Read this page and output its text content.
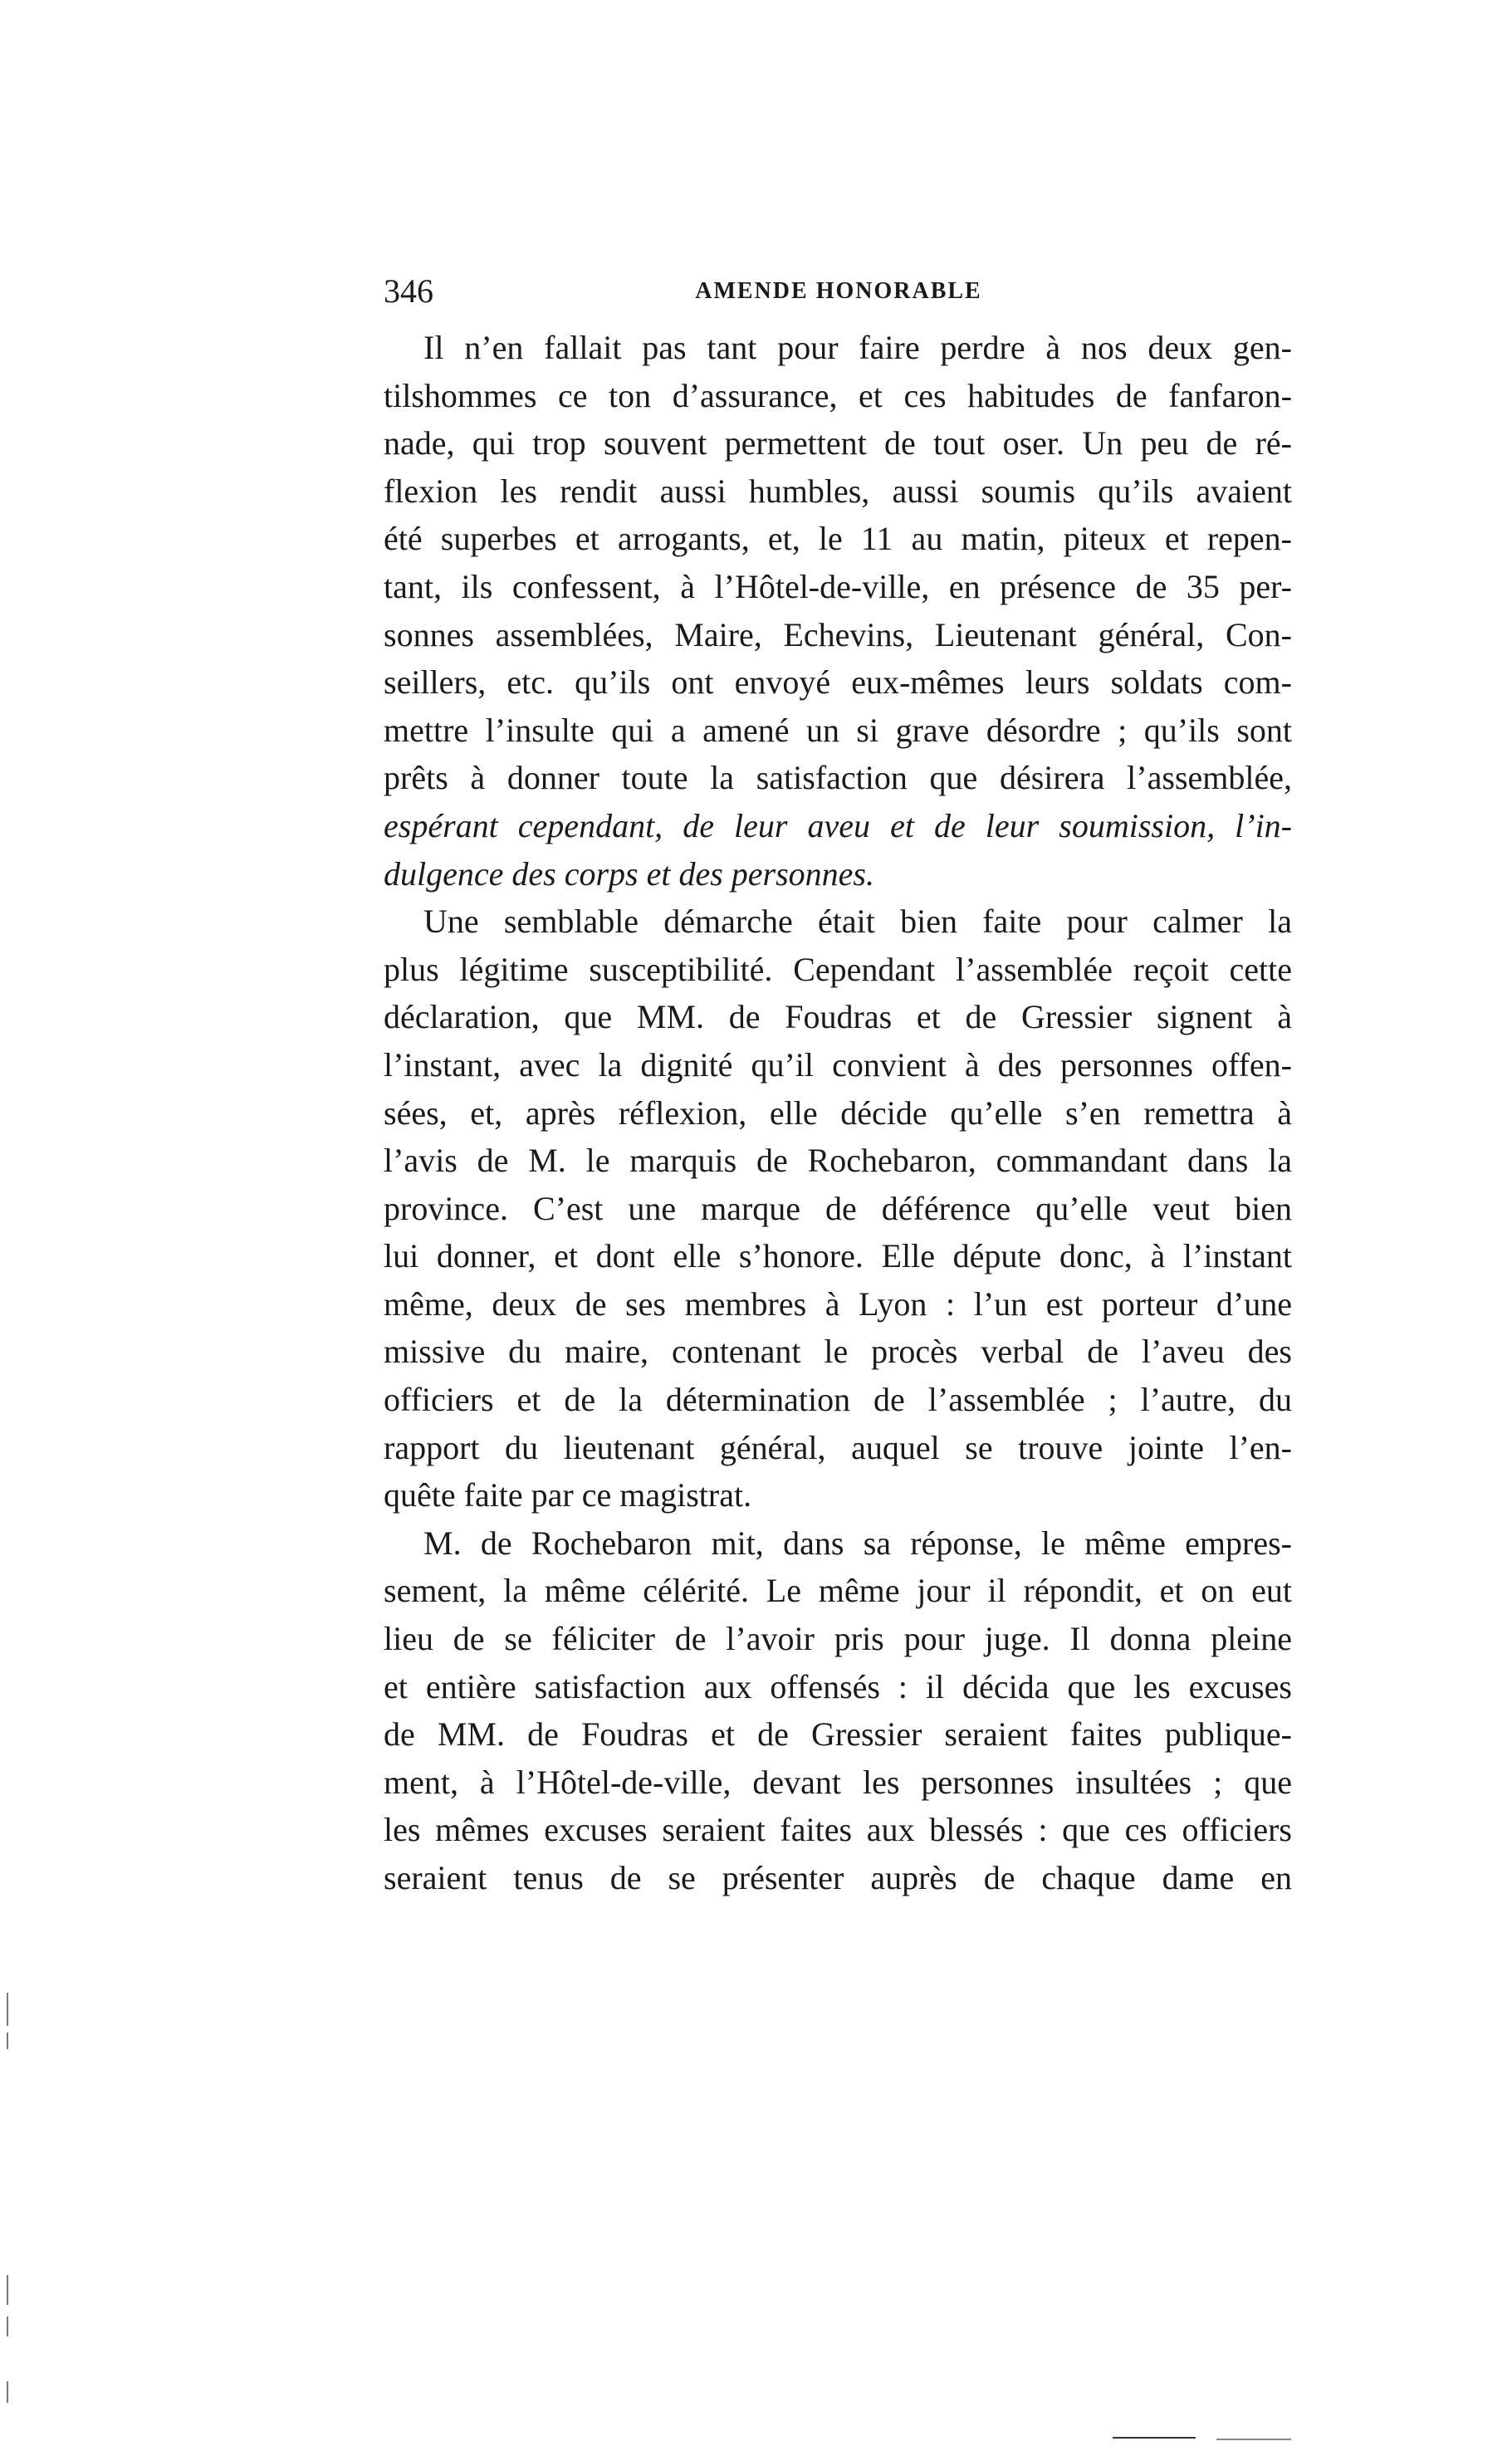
346	AMENDE HONORABLE
Il n’en fallait pas tant pour faire perdre à nos deux gen-
tilshommes ce ton d’assurance, et ces habitudes de fanfaron-
nade, qui trop souvent permettent de tout oser. Un peu de ré-
flexion les rendit aussi humbles, aussi soumis qu’ils avaient
été superbes et arrogants, et, le 11 au matin, piteux et repen-
tant, ils confessent, à l’Hôtel-de-ville, en présence de 35 per-
sonnes assemblées, Maire, Echevins, Lieutenant général, Con-
seillers, etc. qu’ils ont envoyé eux-mêmes leurs soldats com-
mettre l’insulte qui a amené un si grave désordre ; qu’ils sont
prêts à donner toute la satisfaction que désirera l’assemblée,
espérant cependant, de leur aveu et de leur soumission, l’in-
dulgence des corps et des personnes.
Une semblable démarche était bien faite pour calmer la
plus légitime susceptibilité. Cependant l’assemblée reçoit cette
déclaration, que MM. de Foudras et de Gressier signent à
l’instant, avec la dignité qu’il convient à des personnes offen-
sées, et, après réflexion, elle décide qu’elle s’en remettra à
l’avis de M. le marquis de Rochebaron, commandant dans la
province. C’est une marque de déférence qu’elle veut bien
lui donner, et dont elle s’honore. Elle députe donc, à l’instant
même, deux de ses membres à Lyon : l’un est porteur d’une
missive du maire, contenant le procès verbal de l’aveu des
officiers et de la détermination de l’assemblée ; l’autre, du
rapport du lieutenant général, auquel se trouve jointe l’en-
quête faite par ce magistrat.
M. de Rochebaron mit, dans sa réponse, le même empres-
sement, la même célérité. Le même jour il répondit, et on eut
lieu de se féliciter de l’avoir pris pour juge. Il donna pleine
et entière satisfaction aux offensés : il décida que les excuses
de MM. de Foudras et de Gressier seraient faites publique-
ment, à l’Hôtel-de-ville, devant les personnes insultées ; que
les mêmes excuses seraient faites aux blessés : que ces officiers
seraient tenus de se présenter auprès de chaque dame en
